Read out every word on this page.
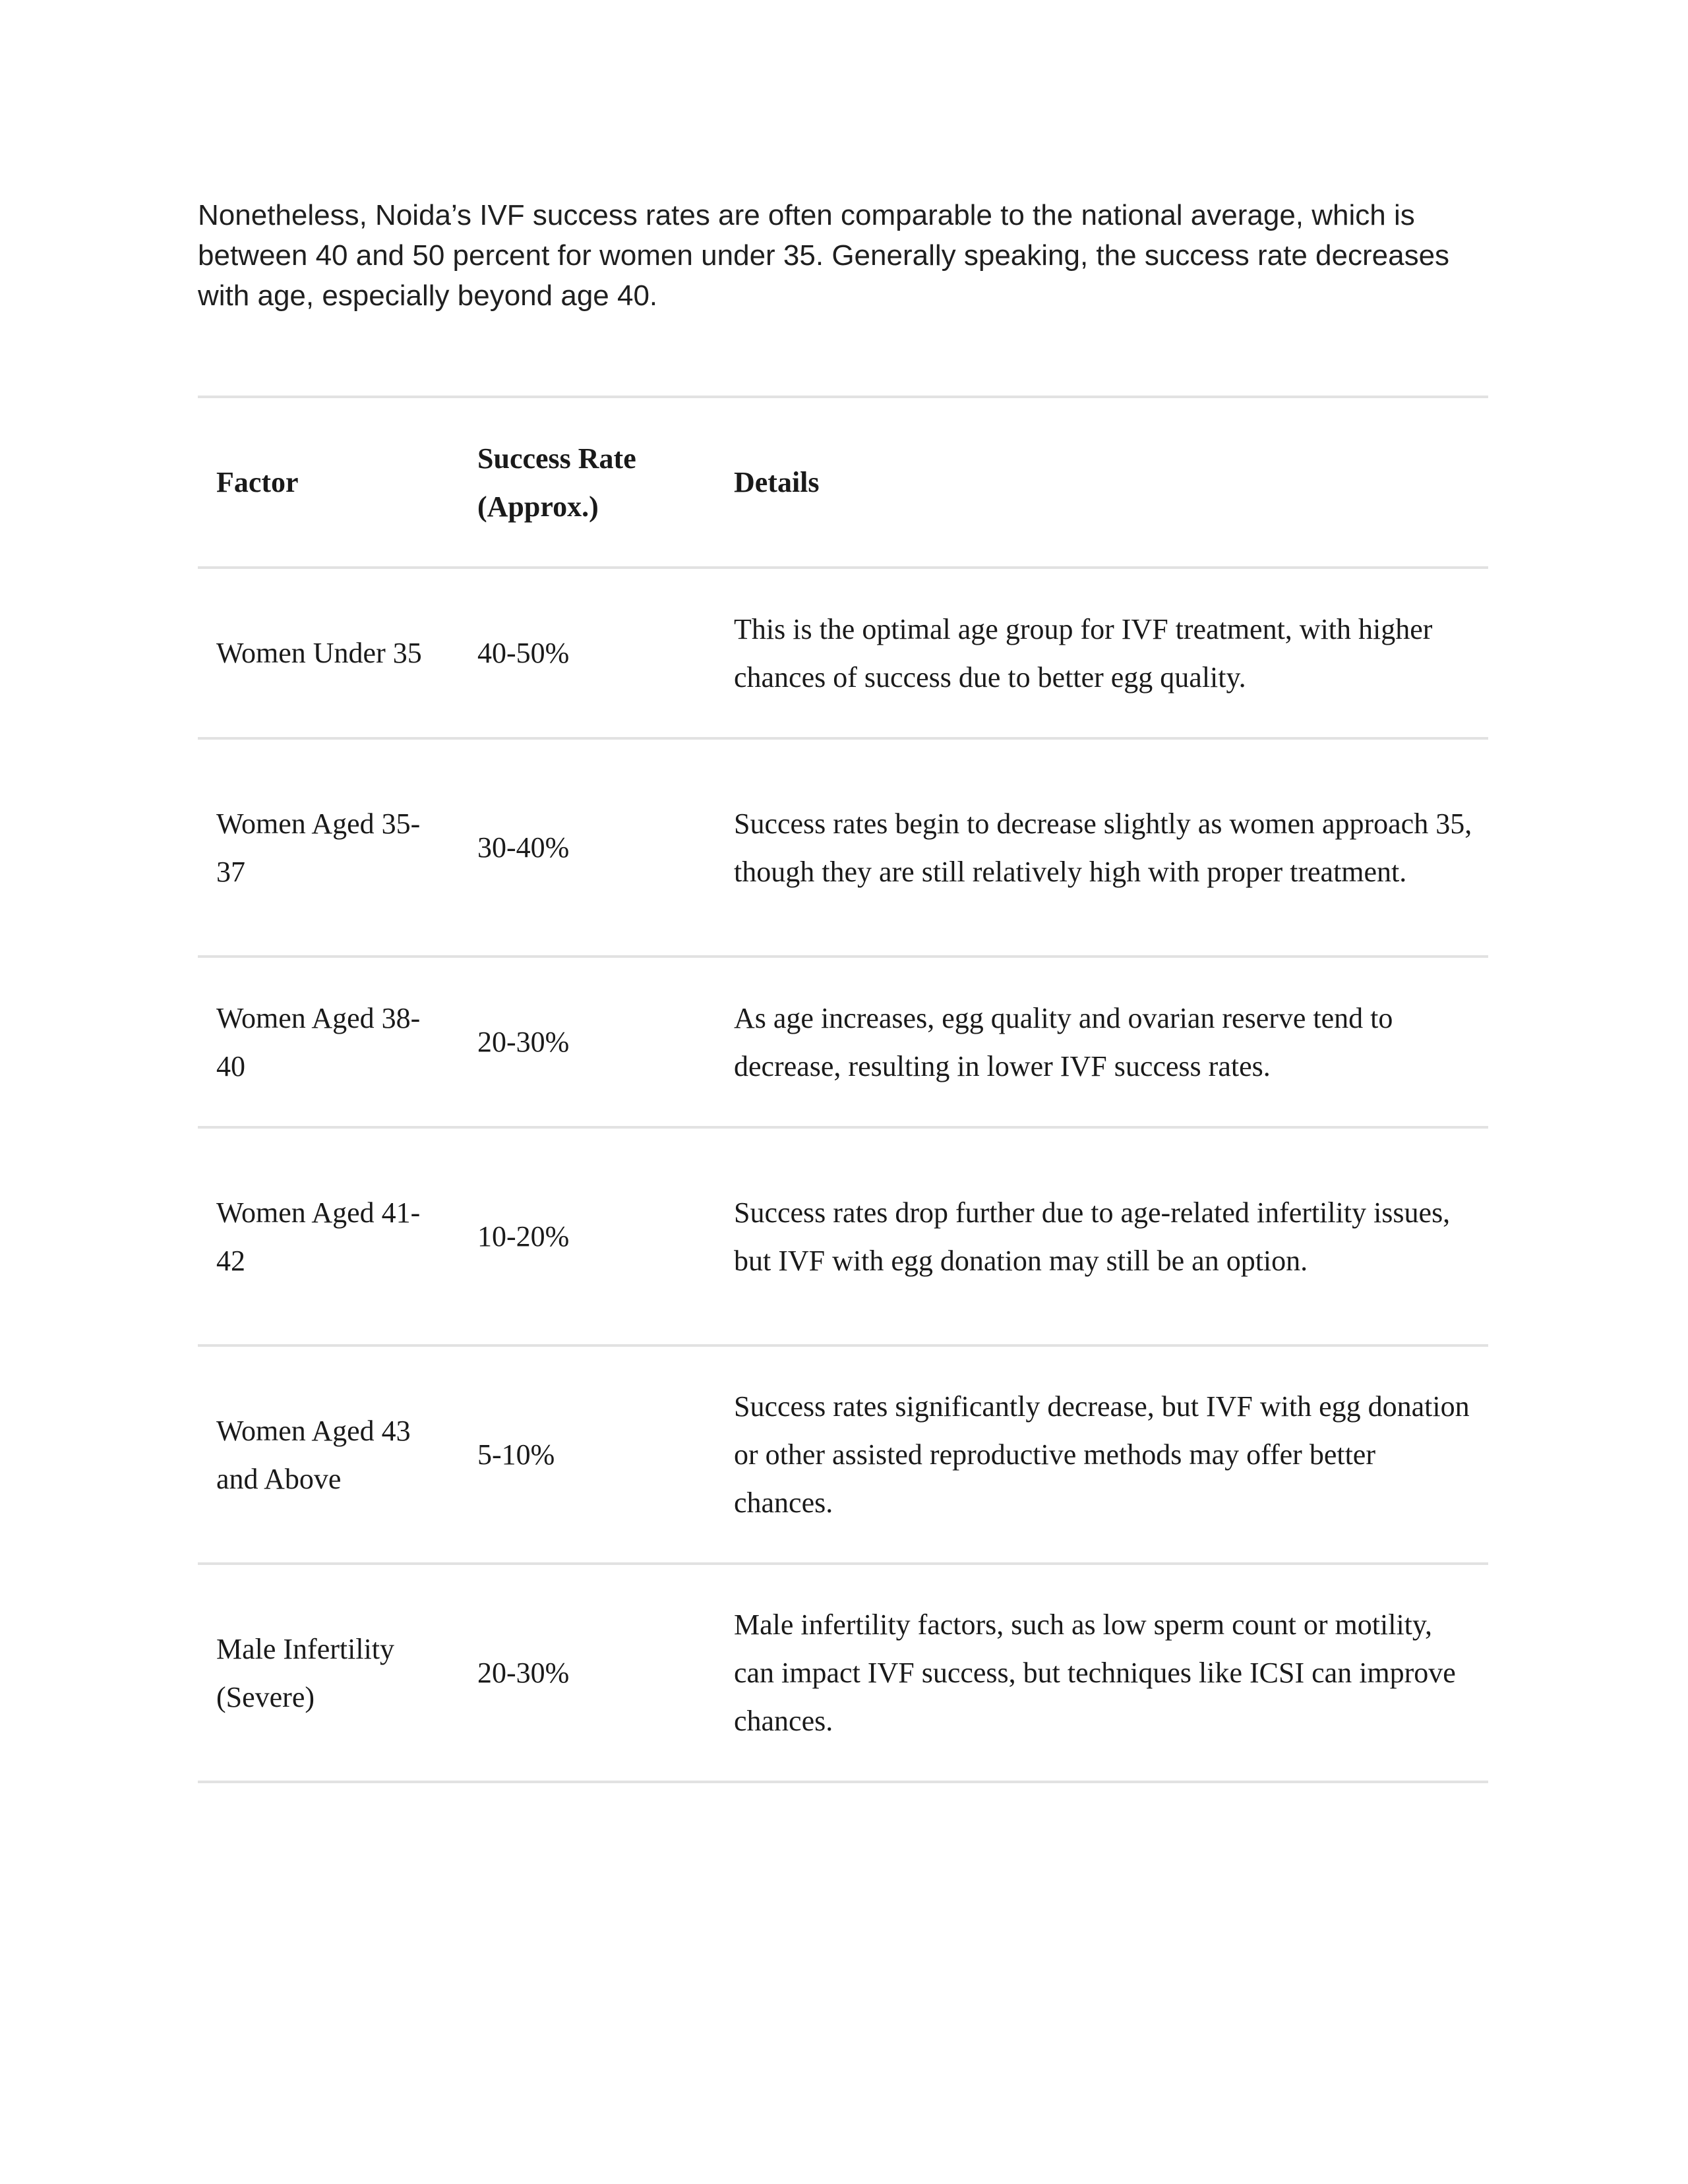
Nonetheless, Noida’s IVF success rates are often comparable to the national average, which is between 40 and 50 percent for women under 35. Generally speaking, the success rate decreases with age, especially beyond age 40.

Factor	Success Rate (Approx.)	Details
Women Under 35	40-50%	This is the optimal age group for IVF treatment, with higher chances of success due to better egg quality.
Women Aged 35-37	30-40%	Success rates begin to decrease slightly as women approach 35, though they are still relatively high with proper treatment.
Women Aged 38-40	20-30%	As age increases, egg quality and ovarian reserve tend to decrease, resulting in lower IVF success rates.
Women Aged 41-42	10-20%	Success rates drop further due to age-related infertility issues, but IVF with egg donation may still be an option.
Women Aged 43 and Above	5-10%	Success rates significantly decrease, but IVF with egg donation or other assisted reproductive methods may offer better chances.
Male Infertility (Severe)	20-30%	Male infertility factors, such as low sperm count or motility, can impact IVF success, but techniques like ICSI can improve chances.
